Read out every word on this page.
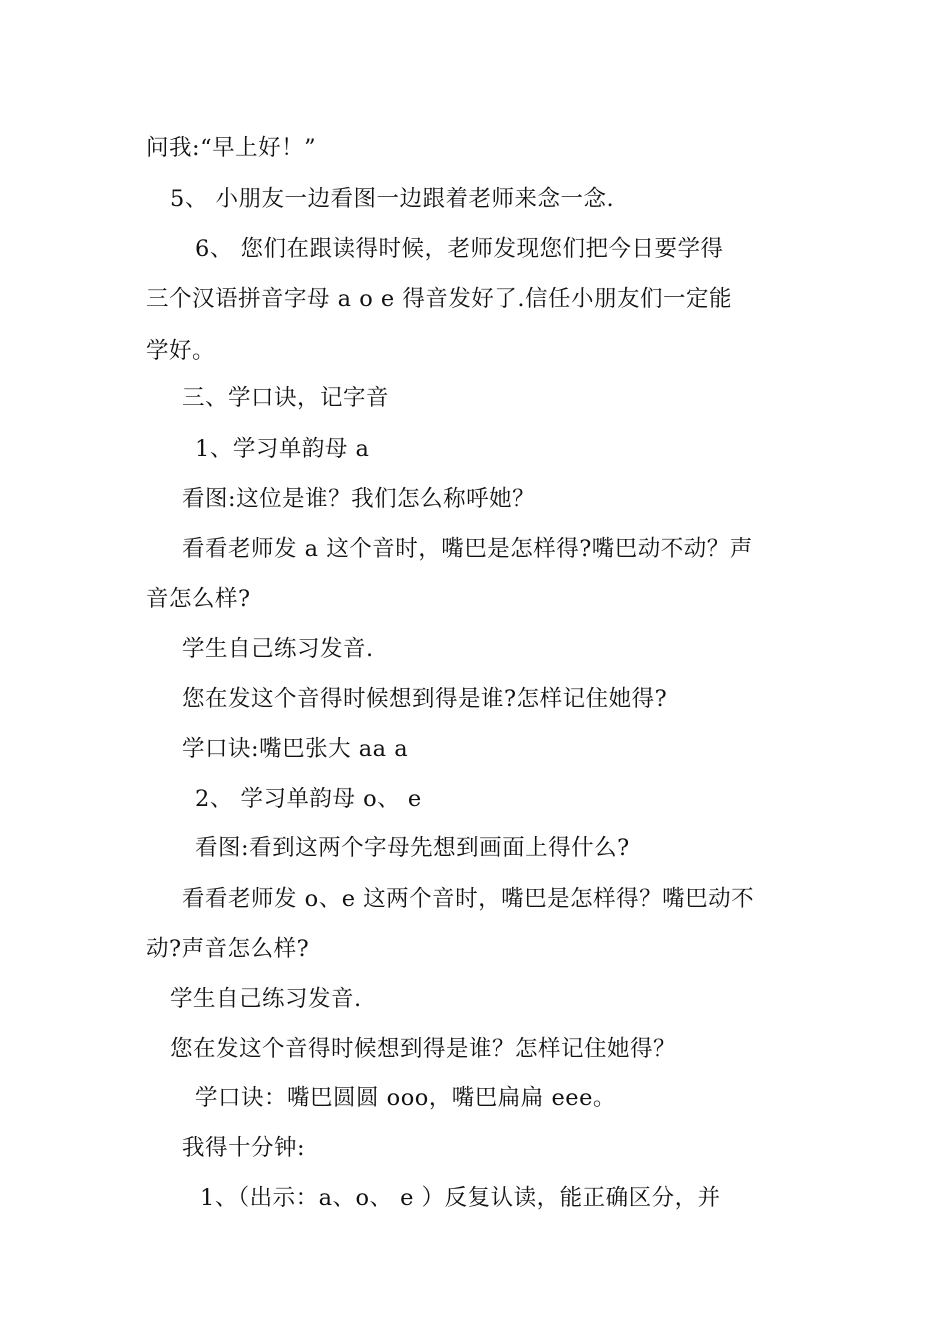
问我:“早上好！”
5、 小朋友一边看图一边跟着老师来念一念.
6、 您们在跟读得时候，老师发现您们把今日要学得
三个汉语拼音字母 a o e 得音发好了.信任小朋友们一定能
学好。
三、学口诀，记字音
1、学习单韵母 a
看图:这位是谁？我们怎么称呼她？
看看老师发 a 这个音时，嘴巴是怎样得?嘴巴动不动？声
音怎么样?
学生自己练习发音.
您在发这个音得时候想到得是谁?怎样记住她得?
学口诀:嘴巴张大 aa a
2、 学习单韵母 o、 e
看图:看到这两个字母先想到画面上得什么?
看看老师发 o、e 这两个音时，嘴巴是怎样得？嘴巴动不
动?声音怎么样?
学生自己练习发音.
您在发这个音得时候想到得是谁？怎样记住她得？
学口诀：嘴巴圆圆 ooo，嘴巴扁扁 eee。
我得十分钟:
1、（出示：a、o、 e ）反复认读，能正确区分，并
